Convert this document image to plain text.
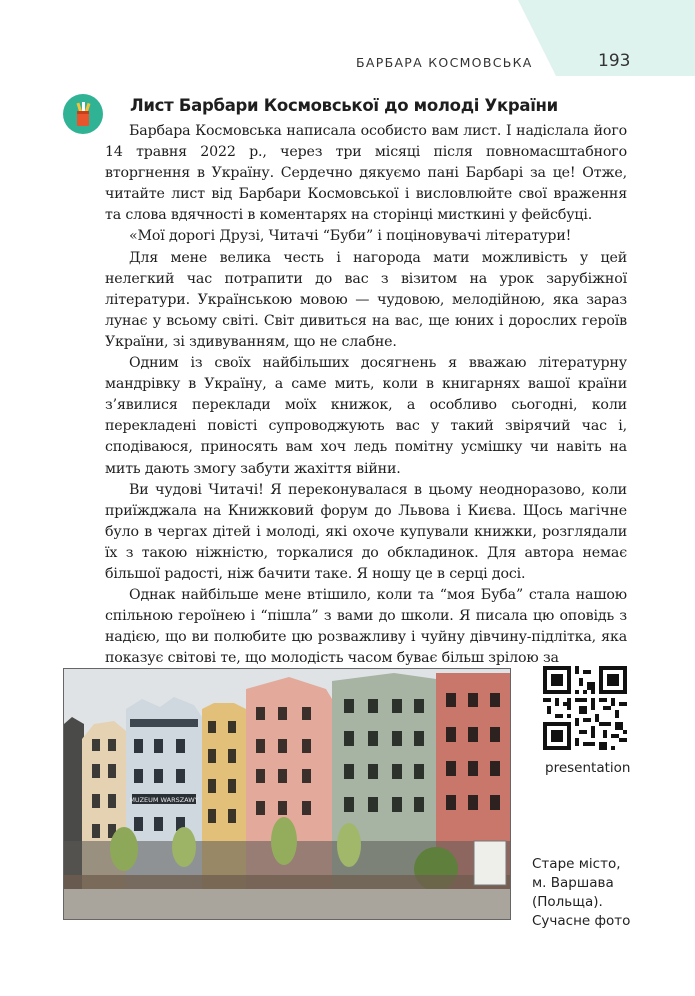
БАРБАРА КОСМОВСЬКА	193
Лист Барбари Космовської до молоді України

Барбара Космовська написала особисто вам лист. І надіслала його 14 травня 2022 р., через три місяці після повномасштабного вторгнення в Україну. Сердечно дякуємо пані Барбарі за це! Отже, читайте лист від Барбари Космовської і висловлюйте свої враження та слова вдячності в коментарях на сторінці мисткині у фейсбуці.

«Мої дорогі Друзі, Читачі “Буби” і поціновувачі літератури!

Для мене велика честь і нагорода мати можливість у цей нелегкий час потрапити до вас з візитом на урок зарубіжної літератури. Українською мовою — чудовою, мелодійною, яка зараз лунає у всьому світі. Світ дивиться на вас, ще юних і дорослих героїв України, зі здивуванням, що не слабне.

Одним із своїх найбільших досягнень я вважаю літературну мандрівку в Україну, а саме мить, коли в книгарнях вашої країни з’явилися переклади моїх книжок, а особливо сьогодні, коли перекладені повісті супроводжують вас у такий звірячий час і, сподіваюся, приносять вам хоч ледь помітну усмішку чи навіть на мить дають змогу забути жахіття війни.

Ви чудові Читачі! Я переконувалася в цьому неодноразово, коли приїжджала на Книжковий форум до Львова і Києва. Щось магічне було в чергах дітей і молоді, які охоче купували книжки, розглядали їх з такою ніжністю, торкалися до обкладинок. Для автора немає більшої радості, ніж бачити таке. Я ношу це в серці досі.

Однак найбільше мене втішило, коли та “моя Буба” стала нашою спільною героїнею і “пішла” з вами до школи. Я писала цю оповідь з надією, що ви полюбите цю розважливу і чуйну дівчину-підлітка, яка показує світові те, що молодість часом буває більш зрілою за

MUZEUM WARSZAWY
presentation
Старе місто,
м. Варшава
(Польща).
Сучасне фото
